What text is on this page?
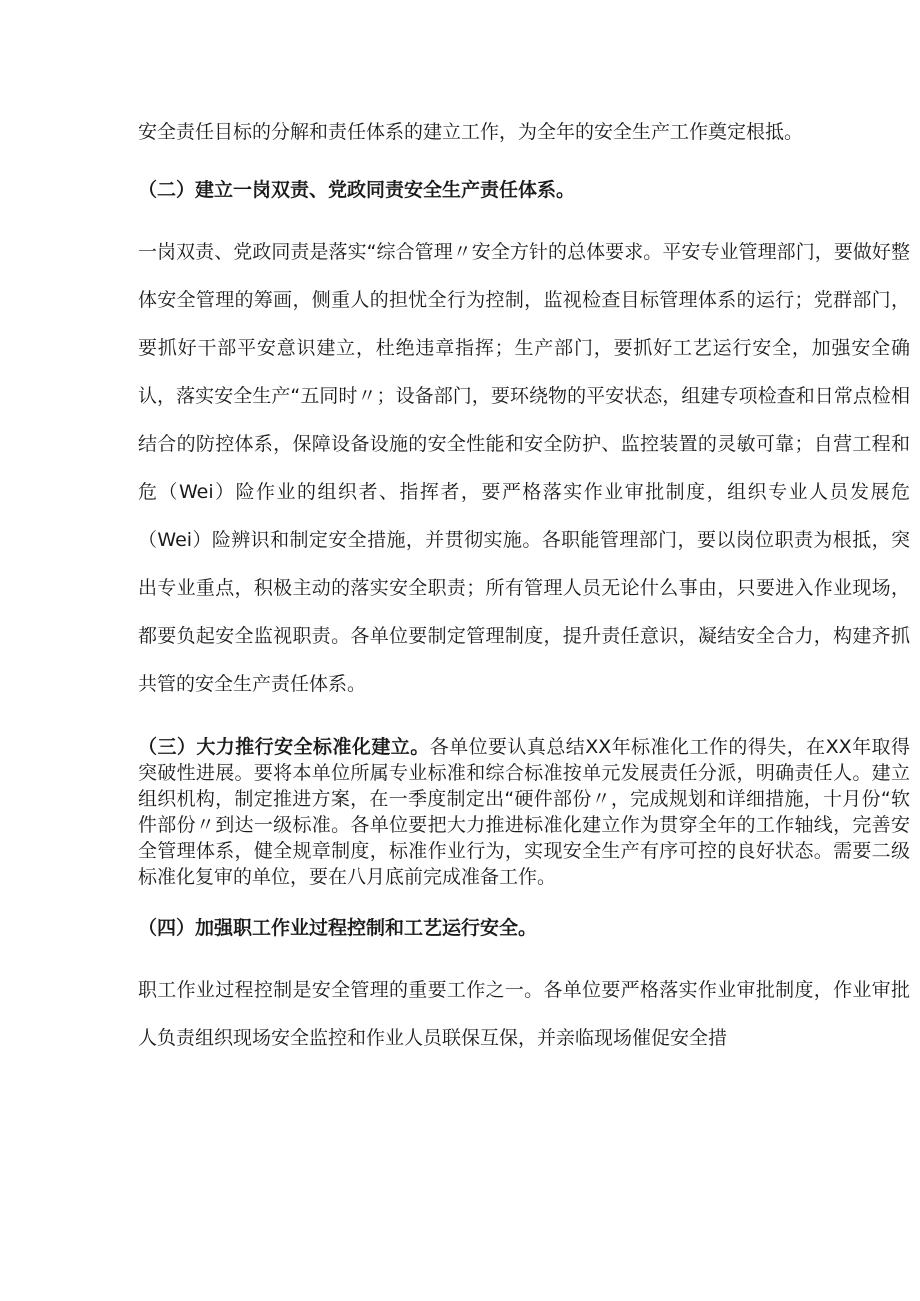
安全责任目标的分解和责任体系的建立工作，为全年的安全生产工作奠定根抵。

（二）建立一岗双责、党政同责安全生产责任体系。

一岗双责、党政同责是落实“综合管理〃安全方针的总体要求。平安专业管理部门，要做好整体安全管理的筹画，侧重人的担忧全行为控制，监视检查目标管理体系的运行；党群部门，要抓好干部平安意识建立，杜绝违章指挥；生产部门，要抓好工艺运行安全，加强安全确认，落实安全生产“五同时〃；设备部门，要环绕物的平安状态，组建专项检查和日常点检相结合的防控体系，保障设备设施的安全性能和安全防护、监控装置的灵敏可靠；自营工程和危（Wei）险作业的组织者、指挥者，要严格落实作业审批制度，组织专业人员发展危（Wei）险辨识和制定安全措施，并贯彻实施。各职能管理部门，要以岗位职责为根抵，突出专业重点，积极主动的落实安全职责；所有管理人员无论什么事由，只要进入作业现场，都要负起安全监视职责。各单位要制定管理制度，提升责任意识，凝结安全合力，构建齐抓共管的安全生产责任体系。

（三）大力推行安全标准化建立。各单位要认真总结XX年标准化工作的得失，在XX年取得突破性进展。要将本单位所属专业标准和综合标准按单元发展责任分派，明确责任人。建立组织机构，制定推进方案，在一季度制定出“硬件部份〃，完成规划和详细措施，十月份“软件部份〃到达一级标准。各单位要把大力推进标准化建立作为贯穿全年的工作轴线，完善安全管理体系，健全规章制度，标准作业行为，实现安全生产有序可控的良好状态。需要二级标准化复审的单位，要在八月底前完成准备工作。

（四）加强职工作业过程控制和工艺运行安全。

职工作业过程控制是安全管理的重要工作之一。各单位要严格落实作业审批制度，作业审批人负责组织现场安全监控和作业人员联保互保，并亲临现场催促安全措
